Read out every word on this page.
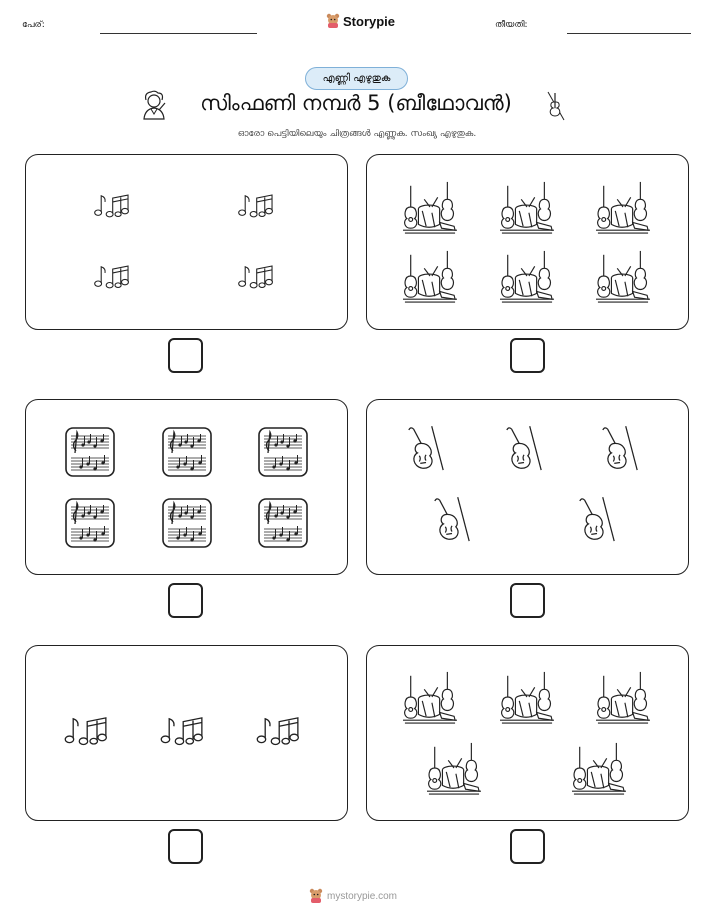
പേര്:	Storypie	തീയതി:
എണ്ണി എഴുതുക
സിംഫണി നമ്പർ 5 (ബീഥോവൻ)
ഓരോ പെട്ടിയിലെയും ചിത്രങ്ങൾ എണ്ണുക. സംഖ്യ എഴുതുക.
mystorypie.com
